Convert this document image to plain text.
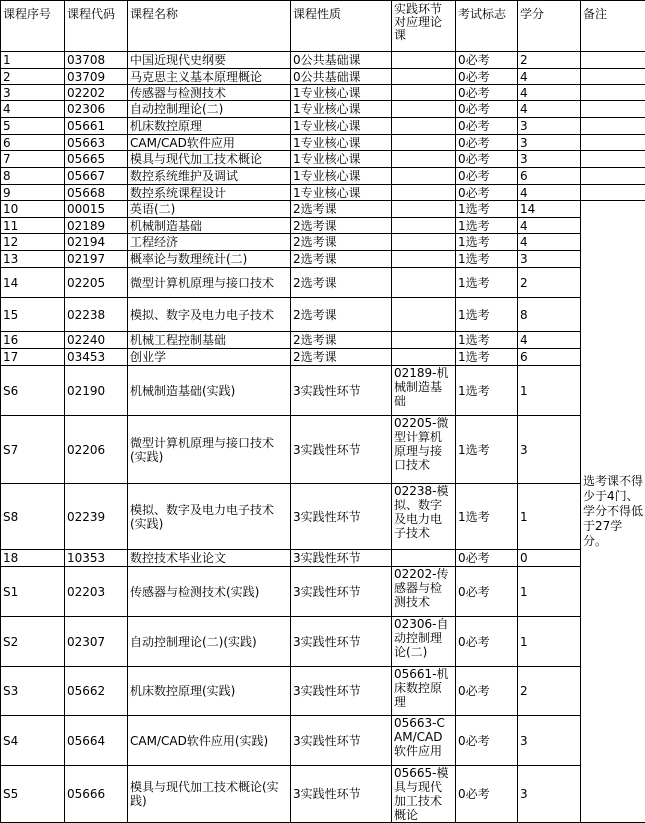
课程序号	课程代码	课程名称	课程性质	实践环节对应理论课	考试标志	学分	备注
1	03708	中国近现代史纲要	0公共基础课		0必考	2	
2	03709	马克思主义基本原理概论	0公共基础课		0必考	4	
3	02202	传感器与检测技术	1专业核心课		0必考	4	
4	02306	自动控制理论(二)	1专业核心课		0必考	4	
5	05661	机床数控原理	1专业核心课		0必考	3	
6	05663	CAM/CAD软件应用	1专业核心课		0必考	3	
7	05665	模具与现代加工技术概论	1专业核心课		0必考	3	
8	05667	数控系统维护及调试	1专业核心课		0必考	6	
9	05668	数控系统课程设计	1专业核心课		0必考	4	
10	00015	英语(二)	2选考课		1选考	14	选考课不得少于4门、学分不得低于27学分。
11	02189	机械制造基础	2选考课		1选考	4	
12	02194	工程经济	2选考课		1选考	4	
13	02197	概率论与数理统计(二)	2选考课		1选考	3	
14	02205	微型计算机原理与接口技术	2选考课		1选考	2	
15	02238	模拟、数字及电力电子技术	2选考课		1选考	8	
16	02240	机械工程控制基础	2选考课		1选考	4	
17	03453	创业学	2选考课		1选考	6	
S6	02190	机械制造基础(实践)	3实践性环节	02189-机械制造基础	1选考	1	
S7	02206	微型计算机原理与接口技术(实践)	3实践性环节	02205-微型计算机原理与接口技术	1选考	3	
S8	02239	模拟、数字及电力电子技术(实践)	3实践性环节	02238-模拟、数字及电力电子技术	1选考	1	
18	10353	数控技术毕业论文	3实践性环节		0必考	0	
S1	02203	传感器与检测技术(实践)	3实践性环节	02202-传感器与检测技术	0必考	1	
S2	02307	自动控制理论(二)(实践)	3实践性环节	02306-自动控制理论(二)	0必考	1	
S3	05662	机床数控原理(实践)	3实践性环节	05661-机床数控原理	0必考	2	
S4	05664	CAM/CAD软件应用(实践)	3实践性环节	05663-CAM/CAD软件应用	0必考	3	
S5	05666	模具与现代加工技术概论(实践)	3实践性环节	05665-模具与现代加工技术概论	0必考	3	
